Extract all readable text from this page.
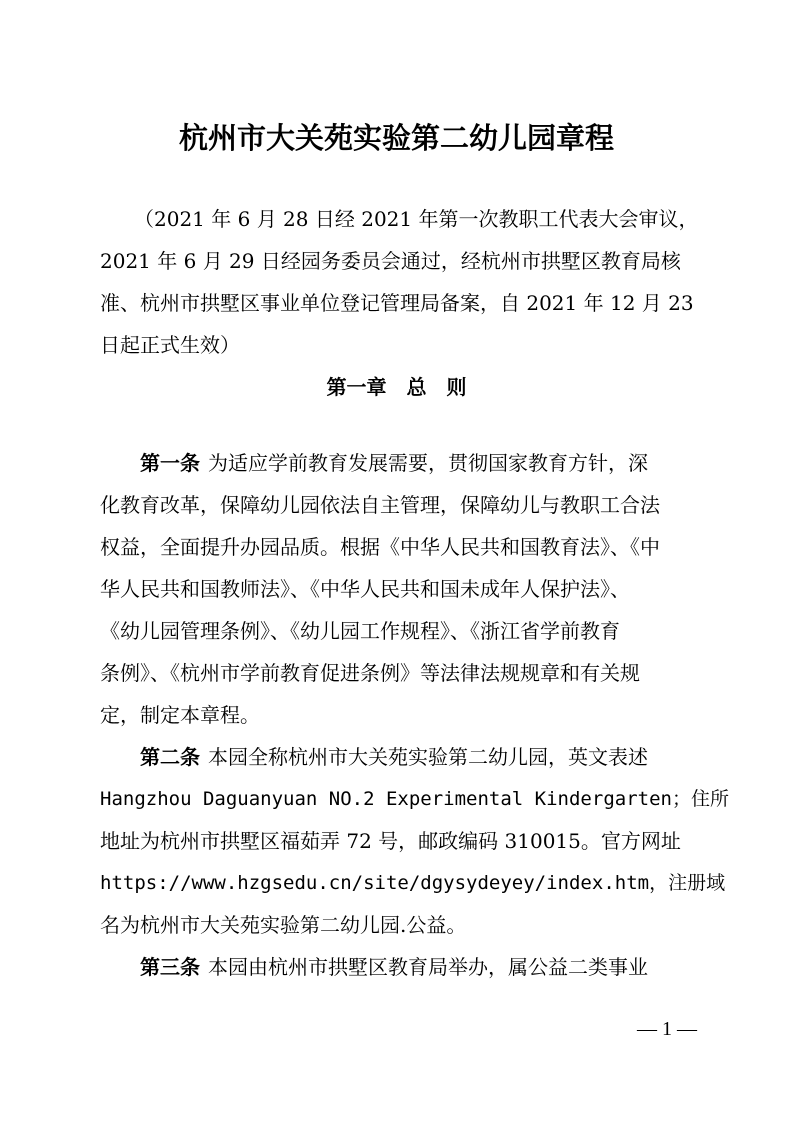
杭州市大关苑实验第二幼儿园章程

（2021 年 6 月 28 日经 2021 年第一次教职工代表大会审议，

2021 年 6 月 29 日经园务委员会通过，经杭州市拱墅区教育局核

准、杭州市拱墅区事业单位登记管理局备案，自 2021 年 12 月 23

日起正式生效）

第一章　总　则

第一条 为适应学前教育发展需要，贯彻国家教育方针，深

化教育改革，保障幼儿园依法自主管理，保障幼儿与教职工合法

权益，全面提升办园品质。根据《中华人民共和国教育法》、《中

华人民共和国教师法》、《中华人民共和国未成年人保护法》、

《幼儿园管理条例》、《幼儿园工作规程》、《浙江省学前教育

条例》、《杭州市学前教育促进条例》等法律法规规章和有关规

定，制定本章程。

第二条 本园全称杭州市大关苑实验第二幼儿园，英文表述

Hangzhou Daguanyuan NO.2 Experimental Kindergarten；住所

地址为杭州市拱墅区福茹弄 72 号，邮政编码 310015。官方网址

https://www.hzgsedu.cn/site/dgysydeyey/index.htm，注册域

名为杭州市大关苑实验第二幼儿园.公益。

第三条 本园由杭州市拱墅区教育局举办，属公益二类事业

— 1 —
